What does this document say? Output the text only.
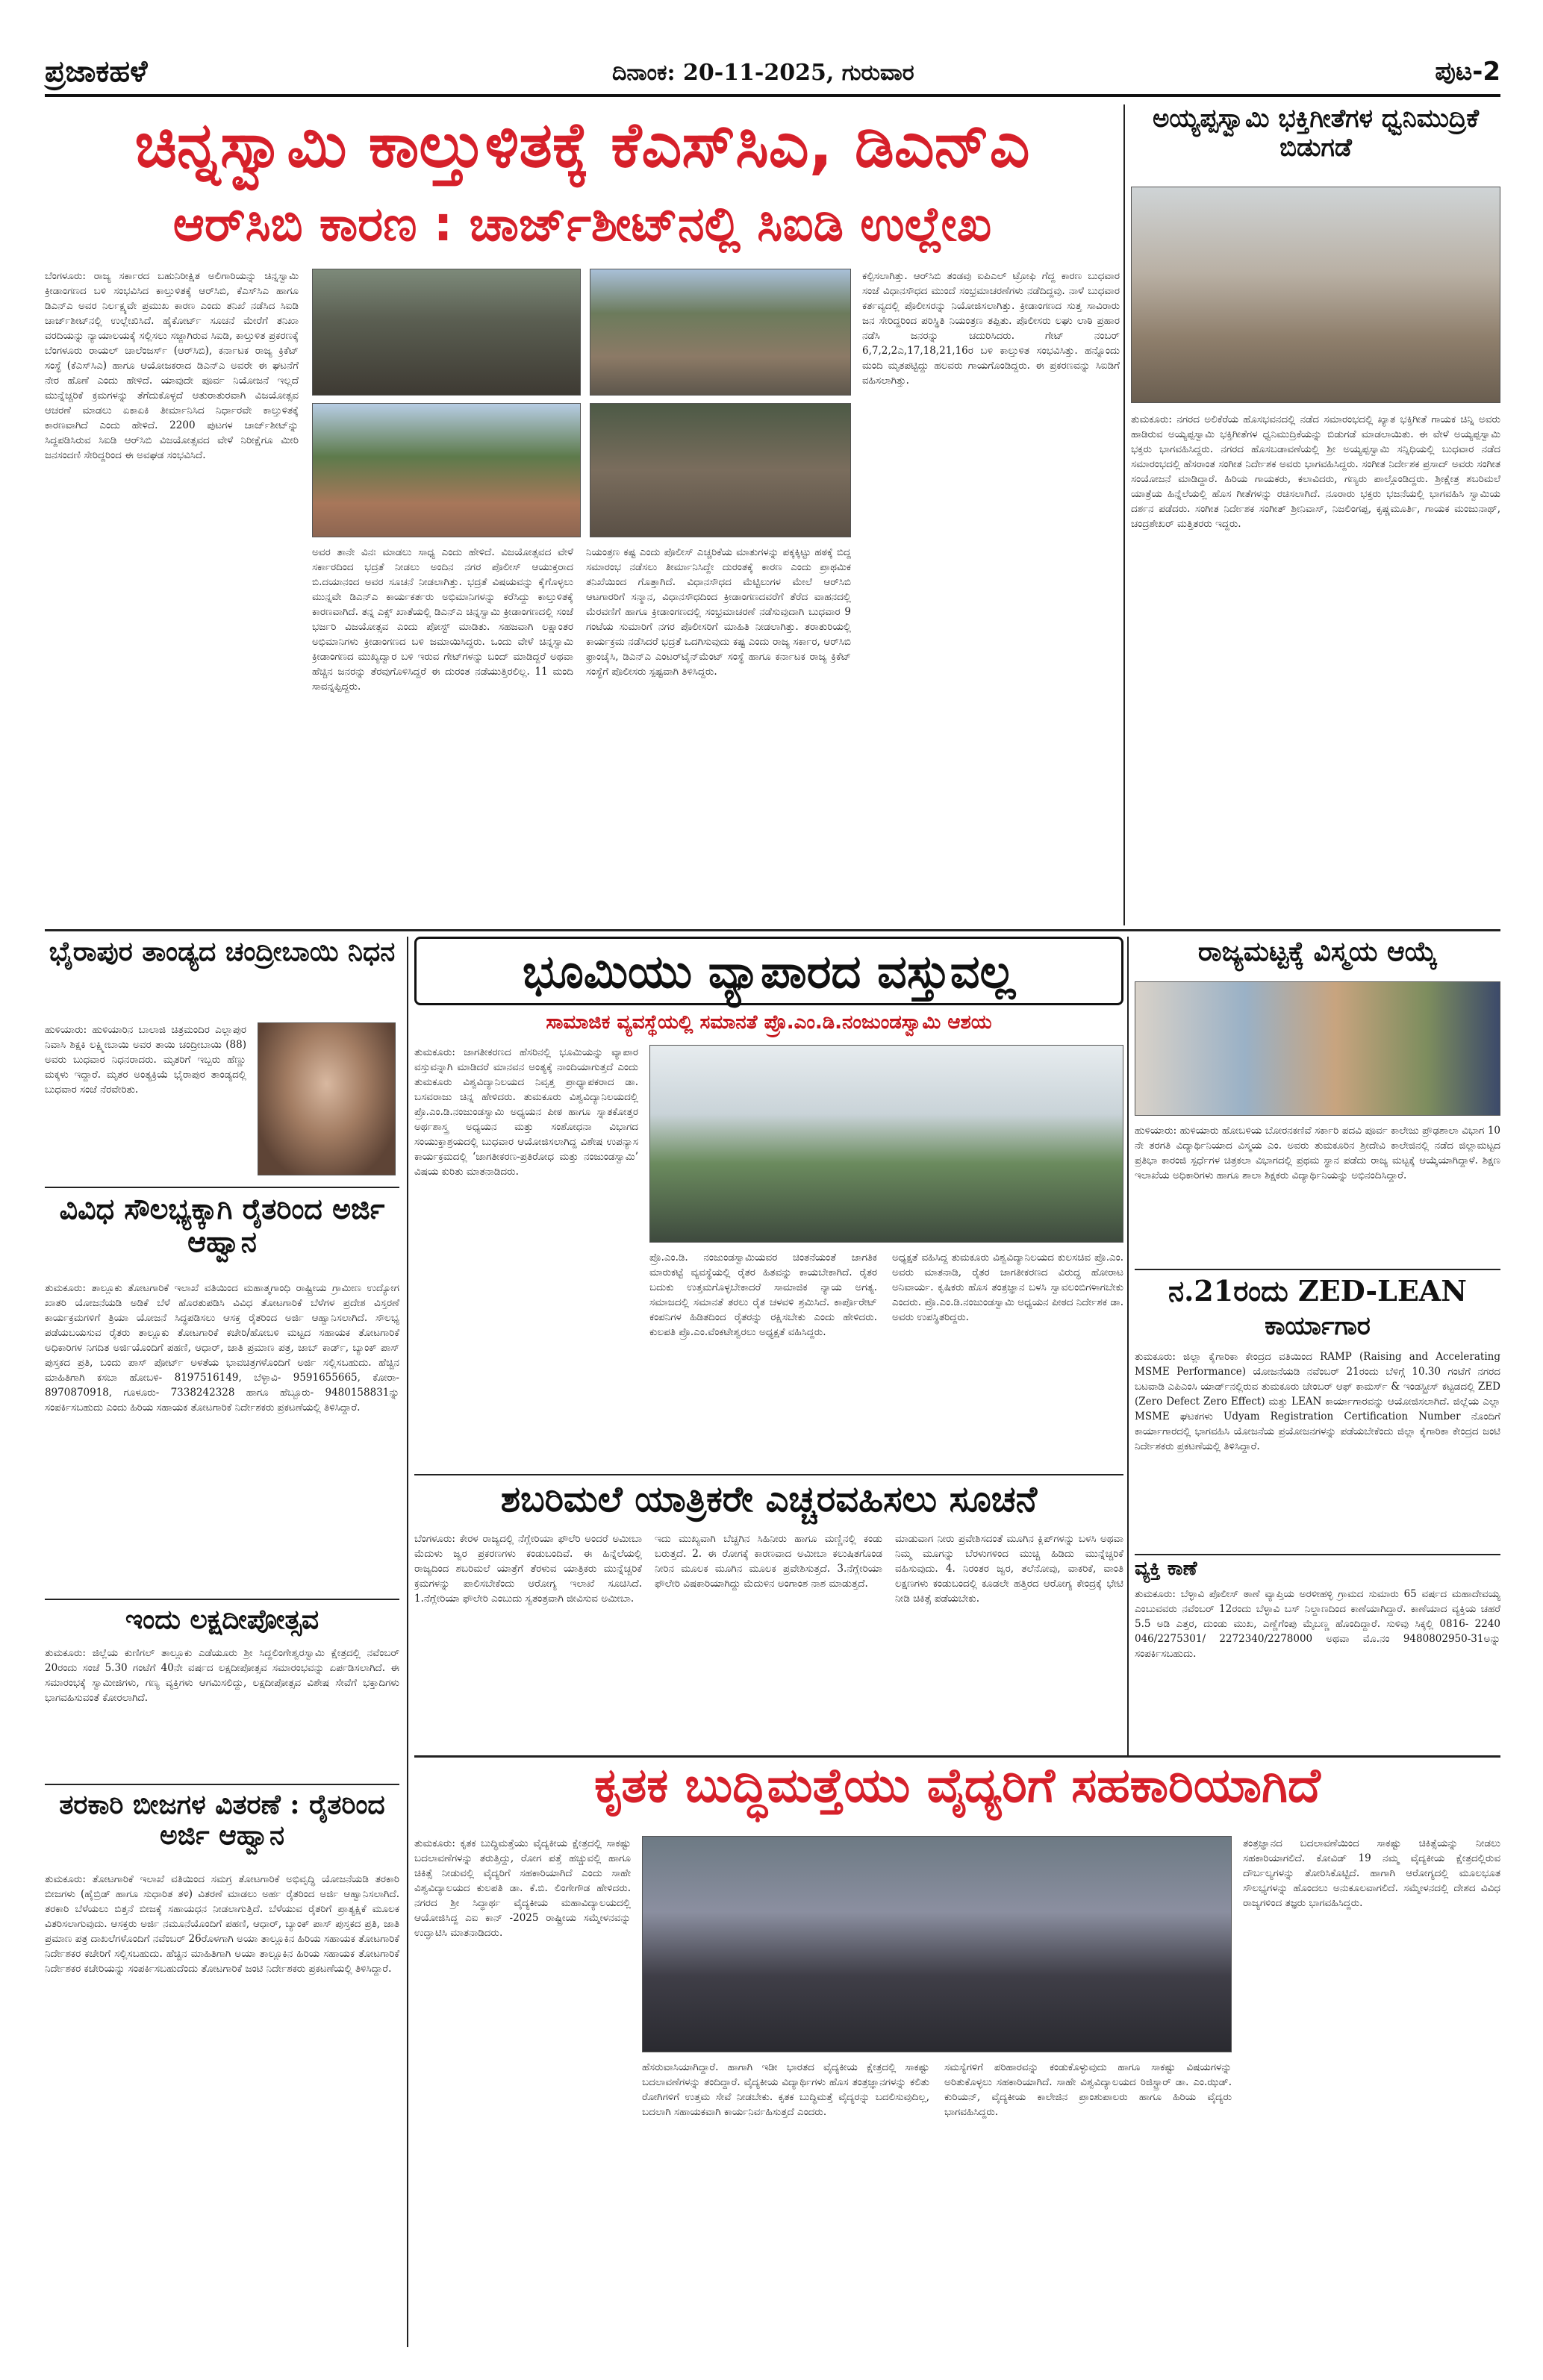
ಪ್ರಜಾಕಹಳೆ	ದಿನಾಂಕ: 20-11-2025, ಗುರುವಾರ	ಪುಟ-2
ಚಿನ್ನಸ್ವಾಮಿ ಕಾಲ್ತುಳಿತಕ್ಕೆ ಕೆಎಸ್‌ಸಿಎ, ಡಿಎನ್‌ಎ
ಆರ್‌ಸಿಬಿ ಕಾರಣ : ಚಾರ್ಜ್‌ಶೀಟ್‌ನಲ್ಲಿ ಸಿಐಡಿ ಉಲ್ಲೇಖ
ಬೆಂಗಳೂರು: ರಾಜ್ಯ ಸರ್ಕಾರದ ಬಹುನಿರೀಕ್ಷಿತ ಅಲಿಗಾರಿಯನ್ನು ಚಿನ್ನಸ್ವಾಮಿ ಕ್ರೀಡಾಂಗಣದ ಬಳಿ ಸಂಭವಿಸಿದ ಕಾಲ್ತುಳಿತಕ್ಕೆ ಆರ್‌ಸಿಬಿ, ಕೆಎಸ್‌ಸಿಎ ಹಾಗೂ ಡಿಎನ್‌ಎ ಅವರ ನಿರ್ಲಕ್ಷ್ಯವೇ ಪ್ರಮುಖ ಕಾರಣ ಎಂದು ತನಿಖೆ ನಡೆಸಿದ ಸಿಐಡಿ ಚಾರ್ಜ್‌ಶೀಟ್‌ನಲ್ಲಿ ಉಲ್ಲೇಖಿಸಿದೆ. ಹೈಕೋರ್ಟ್ ಸೂಚನೆ ಮೇರೆಗೆ ತನಿಖಾ ವರದಿಯನ್ನು ನ್ಯಾಯಾಲಯಕ್ಕೆ ಸಲ್ಲಿಸಲು ಸಜ್ಜಾಗಿರುವ ಸಿಐಡಿ, ಕಾಲ್ತುಳಿತ ಪ್ರಕರಣಕ್ಕೆ ಬೆಂಗಳೂರು ರಾಯಲ್ ಚಾಲೆಂಜರ್ಸ್ (ಆರ್‌ಸಿಬಿ), ಕರ್ನಾಟಕ ರಾಜ್ಯ ಕ್ರಿಕೆಟ್ ಸಂಸ್ಥೆ (ಕೆಎಸ್‌ಸಿಎ) ಹಾಗೂ ಆಯೋಜಕರಾದ ಡಿಎನ್‌ಎ ಅವರೇ ಈ ಘಟನೆಗೆ ನೇರ ಹೊಣೆ ಎಂದು ಹೇಳಿದೆ. ಯಾವುದೇ ಪೂರ್ವ ನಿಯೋಜನೆ ಇಲ್ಲದೆ ಮುನ್ನೆಚ್ಚರಿಕೆ ಕ್ರಮಗಳನ್ನು ತೆಗೆದುಕೊಳ್ಳದೆ ಆತುರಾತುರವಾಗಿ ವಿಜಯೋತ್ಸವ ಆಚರಣೆ ಮಾಡಲು ಏಕಾಏಕಿ ತೀರ್ಮಾನಿಸಿದ ನಿರ್ಧಾರವೇ ಕಾಲ್ತುಳಿತಕ್ಕೆ ಕಾರಣವಾಗಿದೆ ಎಂದು ಹೇಳಿದೆ. 2200 ಪುಟಗಳ ಚಾರ್ಜ್‌ಶೀಟ್‌ನ್ನು ಸಿದ್ದಪಡಿಸಿರುವ ಸಿಐಡಿ ಆರ್‌ಸಿಬಿ ವಿಜಯೋತ್ಸವದ ವೇಳೆ ನಿರೀಕ್ಷೆಗೂ ಮೀರಿ ಜನಸಂದಣಿ ಸೇರಿದ್ದರಿಂದ ಈ ಅವಘಡ ಸಂಭವಿಸಿದೆ.
ಅವರ ತಾನೇ ವಿನಃ ಮಾಡಲು ಸಾಧ್ಯ ಎಂದು ಹೇಳಿದೆ. ವಿಜಯೋತ್ಸವದ ವೇಳೆ ಸರ್ಕಾರದಿಂದ ಭದ್ರತೆ ನೀಡಲು ಅಂದಿನ ನಗರ ಪೊಲೀಸ್ ಆಯುಕ್ತರಾದ ಬಿ.ದಯಾನಂದ ಅವರ ಸೂಚನೆ ನೀಡಲಾಗಿತ್ತು. ಭದ್ರತೆ ವಿಷಯವನ್ನು ಕೈಗೊಳ್ಳಲು ಮುನ್ನವೇ ಡಿಎನ್‌ಎ ಕಾರ್ಯಕರ್ತರು ಅಭಿಮಾನಿಗಳನ್ನು ಕರೆಸಿದ್ದು ಕಾಲ್ತುಳಿತಕ್ಕೆ ಕಾರಣವಾಗಿದೆ. ತನ್ನ ಎಕ್ಸ್ ಖಾತೆಯಲ್ಲಿ ಡಿಎನ್‌ಎ ಚಿನ್ನಸ್ವಾಮಿ ಕ್ರೀಡಾಂಗಣದಲ್ಲಿ ಸಂಜೆ ಭರ್ಜರಿ ವಿಜಯೋತ್ಸವ ಎಂದು ಪೋಸ್ಟ್ ಮಾಡಿತು. ಸಹಜವಾಗಿ ಲಕ್ಷಾಂತರ ಅಭಿಮಾನಿಗಳು ಕ್ರೀಡಾಂಗಣದ ಬಳಿ ಜಮಾಯಿಸಿದ್ದರು. ಒಂದು ವೇಳೆ ಚಿನ್ನಸ್ವಾಮಿ ಕ್ರೀಡಾಂಗಣದ ಮುಖ್ಯದ್ವಾರ ಬಳಿ ಇರುವ ಗೇಟ್‌ಗಳನ್ನು ಬಂದ್ ಮಾಡಿದ್ದರೆ ಅಥವಾ ಹೆಚ್ಚಿನ ಜನರನ್ನು ತೆರವುಗೊಳಿಸಿದ್ದರೆ ಈ ದುರಂತ ನಡೆಯುತ್ತಿರಲಿಲ್ಲ. 11 ಮಂದಿ ಸಾವನ್ನಪ್ಪಿದ್ದರು.
ನಿಯಂತ್ರಣ ಕಷ್ಟ ಎಂದು ಪೊಲೀಸ್ ಎಚ್ಚರಿಕೆಯ ಮಾತುಗಳನ್ನು ಪಕ್ಕಕ್ಕಿಟ್ಟು ಹಠಕ್ಕೆ ಬಿದ್ದ ಸಮಾರಂಭ ನಡೆಸಲು ತೀರ್ಮಾನಿಸಿದ್ದೇ ದುರಂತಕ್ಕೆ ಕಾರಣ ಎಂದು ಪ್ರಾಥಮಿಕ ತನಿಖೆಯಿಂದ ಗೊತ್ತಾಗಿದೆ. ವಿಧಾನಸೌಧದ ಮೆಟ್ಟಿಲುಗಳ ಮೇಲೆ ಆರ್‌ಸಿಬಿ ಆಟಗಾರರಿಗೆ ಸನ್ಮಾನ, ವಿಧಾನಸೌಧದಿಂದ ಕ್ರೀಡಾಂಗಣದವರೆಗೆ ತೆರೆದ ವಾಹನದಲ್ಲಿ ಮೆರವಣಿಗೆ ಹಾಗೂ ಕ್ರೀಡಾಂಗಣದಲ್ಲಿ ಸಂಭ್ರಮಾಚರಣೆ ನಡೆಸುವುದಾಗಿ ಬುಧವಾರ 9 ಗಂಟೆಯ ಸುಮಾರಿಗೆ ನಗರ ಪೊಲೀಸರಿಗೆ ಮಾಹಿತಿ ನೀಡಲಾಗಿತ್ತು. ತರಾತುರಿಯಲ್ಲಿ ಕಾರ್ಯಕ್ರಮ ನಡೆಸಿದರೆ ಭದ್ರತೆ ಒದಗಿಸುವುದು ಕಷ್ಟ ಎಂದು ರಾಜ್ಯ ಸರ್ಕಾರ, ಆರ್‌ಸಿಬಿ ಫ್ರಾಂಚೈಸಿ, ಡಿಎನ್‌ಎ ಎಂಟರ್‌ಟೈನ್‌ಮೆಂಟ್ ಸಂಸ್ಥೆ ಹಾಗೂ ಕರ್ನಾಟಕ ರಾಜ್ಯ ಕ್ರಿಕೆಟ್ ಸಂಸ್ಥೆಗೆ ಪೊಲೀಸರು ಸ್ಪಷ್ಟವಾಗಿ ತಿಳಿಸಿದ್ದರು.
ಕಲ್ಪಿಸಲಾಗಿತ್ತು. ಆರ್‌ಸಿಬಿ ತಂಡವು ಐಪಿಎಲ್ ಟ್ರೋಫಿ ಗೆದ್ದ ಕಾರಣ ಬುಧವಾರ ಸಂಜೆ ವಿಧಾನಸೌಧದ ಮುಂದೆ ಸಂಭ್ರಮಾಚರಣೆಗಳು ನಡೆದಿದ್ದವು. ನಾಳೆ ಬುಧವಾರ ಕರ್ತವ್ಯದಲ್ಲಿ ಪೊಲೀಸರನ್ನು ನಿಯೋಜಿಸಲಾಗಿತ್ತು. ಕ್ರೀಡಾಂಗಣದ ಸುತ್ತ ಸಾವಿರಾರು ಜನ ಸೇರಿದ್ದರಿಂದ ಪರಿಸ್ಥಿತಿ ನಿಯಂತ್ರಣ ತಪ್ಪಿತು. ಪೊಲೀಸರು ಲಘು ಲಾಠಿ ಪ್ರಹಾರ ನಡೆಸಿ ಜನರನ್ನು ಚದುರಿಸಿದರು. ಗೇಟ್ ನಂಬರ್ 6,7,2,2ಎ,17,18,21,16ರ ಬಳಿ ಕಾಲ್ತುಳಿತ ಸಂಭವಿಸಿತ್ತು. ಹನ್ನೊಂದು ಮಂದಿ ಮೃತಪಟ್ಟಿದ್ದು ಹಲವರು ಗಾಯಗೊಂಡಿದ್ದರು. ಈ ಪ್ರಕರಣವನ್ನು ಸಿಐಡಿಗೆ ವಹಿಸಲಾಗಿತ್ತು.
ಅಯ್ಯಪ್ಪಸ್ವಾಮಿ ಭಕ್ತಿಗೀತೆಗಳ ಧ್ವನಿಮುದ್ರಿಕೆ ಬಿಡುಗಡೆ
ತುಮಕೂರು: ನಗರದ ಅಲಿಕೆರೆಯ ಹೊಸಭವನದಲ್ಲಿ ನಡೆದ ಸಮಾರಂಭದಲ್ಲಿ ಖ್ಯಾತ ಭಕ್ತಿಗೀತೆ ಗಾಯಕ ಚಿನ್ನಿ ಅವರು ಹಾಡಿರುವ ಅಯ್ಯಪ್ಪಸ್ವಾಮಿ ಭಕ್ತಿಗೀತೆಗಳ ಧ್ವನಿಮುದ್ರಿಕೆಯನ್ನು ಬಿಡುಗಡೆ ಮಾಡಲಾಯಿತು. ಈ ವೇಳೆ ಅಯ್ಯಪ್ಪಸ್ವಾಮಿ ಭಕ್ತರು ಭಾಗವಹಿಸಿದ್ದರು. ನಗರದ ಹೊಸಬಡಾವಣೆಯಲ್ಲಿ ಶ್ರೀ ಅಯ್ಯಪ್ಪಸ್ವಾಮಿ ಸನ್ನಿಧಿಯಲ್ಲಿ ಬುಧವಾರ ನಡೆದ ಸಮಾರಂಭದಲ್ಲಿ ಹೆಸರಾಂತ ಸಂಗೀತ ನಿರ್ದೇಶಕ ಅವರು ಭಾಗವಹಿಸಿದ್ದರು. ಸಂಗೀತ ನಿರ್ದೇಶಕ ಪ್ರಸಾದ್ ಅವರು ಸಂಗೀತ ಸಂಯೋಜನೆ ಮಾಡಿದ್ದಾರೆ. ಹಿರಿಯ ಗಾಯಕರು, ಕಲಾವಿದರು, ಗಣ್ಯರು ಪಾಲ್ಗೊಂಡಿದ್ದರು. ಶ್ರೀಕ್ಷೇತ್ರ ಶಬರಿಮಲೆ ಯಾತ್ರೆಯ ಹಿನ್ನೆಲೆಯಲ್ಲಿ ಹೊಸ ಗೀತೆಗಳನ್ನು ರಚಿಸಲಾಗಿದೆ. ನೂರಾರು ಭಕ್ತರು ಭಜನೆಯಲ್ಲಿ ಭಾಗವಹಿಸಿ ಸ್ವಾಮಿಯ ದರ್ಶನ ಪಡೆದರು. ಸಂಗೀತ ನಿರ್ದೇಶಕ ಸಂಗೀತ್ ಶ್ರೀನಿವಾಸ್, ನಿಜಲಿಂಗಪ್ಪ, ಕೃಷ್ಣಮೂರ್ತಿ, ಗಾಯಕ ಮಂಜುನಾಥ್, ಚಂದ್ರಶೇಖರ್ ಮತ್ತಿತರರು ಇದ್ದರು.
ಭೈರಾಪುರ ತಾಂಡ್ಯದ ಚಂದ್ರೀಬಾಯಿ ನಿಧನ
ಹುಳಿಯಾರು: ಹುಳಿಯಾರಿನ ಬಾಲಾಜಿ ಚಿತ್ರಮಂದಿರ ಎಲ್ಲಾಪುರ ನಿವಾಸಿ ಶಿಕ್ಷಕಿ ಲಕ್ಷ್ಮೀಬಾಯಿ ಅವರ ತಾಯಿ ಚಂದ್ರೀಬಾಯಿ (88) ಅವರು ಬುಧವಾರ ನಿಧನರಾದರು. ಮೃತರಿಗೆ ಇಬ್ಬರು ಹೆಣ್ಣು ಮಕ್ಕಳು ಇದ್ದಾರೆ. ಮೃತರ ಅಂತ್ಯಕ್ರಿಯೆ ಭೈರಾಪುರ ತಾಂಡ್ಯದಲ್ಲಿ ಬುಧವಾರ ಸಂಜೆ ನೆರವೇರಿತು.
ವಿವಿಧ ಸೌಲಭ್ಯಕ್ಕಾಗಿ ರೈತರಿಂದ ಅರ್ಜಿ ಆಹ್ವಾನ
ತುಮಕೂರು: ತಾಲ್ಲೂಕು ತೋಟಗಾರಿಕೆ ಇಲಾಖೆ ವತಿಯಿಂದ ಮಹಾತ್ಮಗಾಂಧಿ ರಾಷ್ಟ್ರೀಯ ಗ್ರಾಮೀಣ ಉದ್ಯೋಗ ಖಾತರಿ ಯೋಜನೆಯಡಿ ಅಡಿಕೆ ಬೆಳೆ ಹೊರತುಪಡಿಸಿ ವಿವಿಧ ತೋಟಗಾರಿಕೆ ಬೆಳೆಗಳ ಪ್ರದೇಶ ವಿಸ್ತರಣೆ ಕಾರ್ಯಕ್ರಮಗಳಿಗೆ ತ್ರಿಯಾ ಯೋಜನೆ ಸಿದ್ಧಪಡಿಸಲು ಆಸಕ್ತ ರೈತರಿಂದ ಅರ್ಜಿ ಆಹ್ವಾನಿಸಲಾಗಿದೆ. ಸೌಲಭ್ಯ ಪಡೆಯಬಯಸುವ ರೈತರು ತಾಲ್ಲೂಕು ತೋಟಗಾರಿಕೆ ಕಚೇರಿ/ಹೋಬಳಿ ಮಟ್ಟದ ಸಹಾಯಕ ತೋಟಗಾರಿಕೆ ಅಧಿಕಾರಿಗಳ ನಿಗದಿತ ಅರ್ಜಿಯೊಂದಿಗೆ ಪಹಣಿ, ಆಧಾರ್, ಜಾತಿ ಪ್ರಮಾಣ ಪತ್ರ, ಜಾಬ್ ಕಾರ್ಡ್, ಬ್ಯಾಂಕ್ ಪಾಸ್ ಪುಸ್ತಕದ ಪ್ರತಿ, ಬಂದು ಪಾಸ್ ಪೋರ್ಟ್ ಅಳತೆಯ ಭಾವಚಿತ್ರಗಳೊಂದಿಗೆ ಅರ್ಜಿ ಸಲ್ಲಿಸಬಹುದು. ಹೆಚ್ಚಿನ ಮಾಹಿತಿಗಾಗಿ ಕಸಬಾ ಹೋಬಳಿ- 8197516149, ಬೆಳ್ಳಾವಿ- 9591655665, ಕೋರಾ- 8970870918, ಗೂಳೂರು- 7338242328 ಹಾಗೂ ಹೆಬ್ಬೂರು- 9480158831ನ್ನು ಸಂಪರ್ಕಿಸಬಹುದು ಎಂದು ಹಿರಿಯ ಸಹಾಯಕ ತೋಟಗಾರಿಕೆ ನಿರ್ದೇಶಕರು ಪ್ರಕಟಣೆಯಲ್ಲಿ ತಿಳಿಸಿದ್ದಾರೆ.
ಇಂದು ಲಕ್ಷದೀಪೋತ್ಸವ
ತುಮಕೂರು: ಜಿಲ್ಲೆಯ ಕುಣಿಗಲ್ ತಾಲ್ಲೂಕು ಎಡೆಯೂರು ಶ್ರೀ ಸಿದ್ದಲಿಂಗೇಶ್ವರಸ್ವಾಮಿ ಕ್ಷೇತ್ರದಲ್ಲಿ ನವೆಂಬರ್ 20ರಂದು ಸಂಜೆ 5.30 ಗಂಟೆಗೆ 40ನೇ ವರ್ಷದ ಲಕ್ಷದೀಪೋತ್ಸವ ಸಮಾರಂಭವನ್ನು ಏರ್ಪಡಿಸಲಾಗಿದೆ. ಈ ಸಮಾರಂಭಕ್ಕೆ ಸ್ವಾಮೀಜಿಗಳು, ಗಣ್ಯ ವ್ಯಕ್ತಿಗಳು ಆಗಮಿಸಲಿದ್ದು, ಲಕ್ಷದೀಪೋತ್ಸವ ವಿಶೇಷ ಸೇವೆಗೆ ಭಕ್ತಾದಿಗಳು ಭಾಗವಹಿಸುವಂತೆ ಕೋರಲಾಗಿದೆ.
ತರಕಾರಿ ಬೀಜಗಳ ವಿತರಣೆ : ರೈತರಿಂದ ಅರ್ಜಿ ಆಹ್ವಾನ
ತುಮಕೂರು: ತೋಟಗಾರಿಕೆ ಇಲಾಖೆ ವತಿಯಿಂದ ಸಮಗ್ರ ತೋಟಗಾರಿಕೆ ಅಭಿವೃದ್ಧಿ ಯೋಜನೆಯಡಿ ತರಕಾರಿ ಬೀಜಗಳು (ಹೈಬ್ರಿಡ್ ಹಾಗೂ ಸುಧಾರಿತ ತಳಿ) ವಿತರಣೆ ಮಾಡಲು ಅರ್ಹ ರೈತರಿಂದ ಅರ್ಜಿ ಆಹ್ವಾನಿಸಲಾಗಿದೆ. ತರಕಾರಿ ಬೆಳೆಯಲು ಬಿತ್ತನೆ ಬೀಜಕ್ಕೆ ಸಹಾಯಧನ ನೀಡಲಾಗುತ್ತಿದೆ. ಬೆಳೆಯುವ ರೈತರಿಗೆ ಪ್ರಾತ್ಯಕ್ಷಿಕೆ ಮೂಲಕ ವಿತರಿಸಲಾಗುವುದು. ಆಸಕ್ತರು ಅರ್ಜಿ ನಮೂನೆಯೊಂದಿಗೆ ಪಹಣಿ, ಆಧಾರ್, ಬ್ಯಾಂಕ್ ಪಾಸ್ ಪುಸ್ತಕದ ಪ್ರತಿ, ಜಾತಿ ಪ್ರಮಾಣ ಪತ್ರ ದಾಖಲೆಗಳೊಂದಿಗೆ ನವೆಂಬರ್ 26ರೊಳಗಾಗಿ ಅಯಾ ತಾಲ್ಲೂಕಿನ ಹಿರಿಯ ಸಹಾಯಕ ತೋಟಗಾರಿಕೆ ನಿರ್ದೇಶಕರ ಕಚೇರಿಗೆ ಸಲ್ಲಿಸಬಹುದು. ಹೆಚ್ಚಿನ ಮಾಹಿತಿಗಾಗಿ ಅಯಾ ತಾಲ್ಲೂಕಿನ ಹಿರಿಯ ಸಹಾಯಕ ತೋಟಗಾರಿಕೆ ನಿರ್ದೇಶಕರ ಕಚೇರಿಯನ್ನು ಸಂಪರ್ಕಿಸಬಹುದೆಂದು ತೋಟಗಾರಿಕೆ ಜಂಟಿ ನಿರ್ದೇಶಕರು ಪ್ರಕಟಣೆಯಲ್ಲಿ ತಿಳಿಸಿದ್ದಾರೆ.
ಭೂಮಿಯು ವ್ಯಾಪಾರದ ವಸ್ತುವಲ್ಲ
ಸಾಮಾಜಿಕ ವ್ಯವಸ್ಥೆಯಲ್ಲಿ ಸಮಾನತೆ ಪ್ರೊ.ಎಂ.ಡಿ.ನಂಜುಂಡಸ್ವಾಮಿ ಆಶಯ
ತುಮಕೂರು: ಜಾಗತೀಕರಣದ ಹೆಸರಿನಲ್ಲಿ ಭೂಮಿಯನ್ನು ವ್ಯಾಪಾರ ವಸ್ತುವನ್ನಾಗಿ ಮಾಡಿದರೆ ಮಾನವನ ಅಂತ್ಯಕ್ಕೆ ನಾಂದಿಯಾಗುತ್ತದೆ ಎಂದು ತುಮಕೂರು ವಿಶ್ವವಿದ್ಯಾನಿಲಯದ ನಿವೃತ್ತ ಪ್ರಾಧ್ಯಾಪಕರಾದ ಡಾ. ಬಸವರಾಜು ಚಿನ್ನ ಹೇಳಿದರು. ತುಮಕೂರು ವಿಶ್ವವಿದ್ಯಾನಿಲಯದಲ್ಲಿ ಪ್ರೊ.ಎಂ.ಡಿ.ನಂಜುಂಡಸ್ವಾಮಿ ಅಧ್ಯಯನ ಪೀಠ ಹಾಗೂ ಸ್ನಾತಕೋತ್ತರ ಅರ್ಥಶಾಸ್ತ್ರ ಅಧ್ಯಯನ ಮತ್ತು ಸಂಶೋಧನಾ ವಿಭಾಗದ ಸಂಯುಕ್ತಾಶ್ರಯದಲ್ಲಿ ಬುಧವಾರ ಆಯೋಜಿಸಲಾಗಿದ್ದ ವಿಶೇಷ ಉಪನ್ಯಾಸ ಕಾರ್ಯಕ್ರಮದಲ್ಲಿ ‘ಜಾಗತೀಕರಣ-ಪ್ರತಿರೋಧ ಮತ್ತು ನಂಜುಂಡಸ್ವಾಮಿ’ ವಿಷಯ ಕುರಿತು ಮಾತನಾಡಿದರು.
ಪ್ರೊ.ಎಂ.ಡಿ. ನಂಜುಂಡಸ್ವಾಮಿಯವರ ಚಿಂತನೆಯಂತೆ ಜಾಗತಿಕ ಮಾರುಕಟ್ಟೆ ವ್ಯವಸ್ಥೆಯಲ್ಲಿ ರೈತರ ಹಿತವನ್ನು ಕಾಯಬೇಕಾಗಿದೆ. ರೈತರ ಬದುಕು ಉತ್ತಮಗೊಳ್ಳಬೇಕಾದರೆ ಸಾಮಾಜಿಕ ನ್ಯಾಯ ಅಗತ್ಯ. ಸಮಾಜದಲ್ಲಿ ಸಮಾನತೆ ತರಲು ರೈತ ಚಳವಳಿ ಶ್ರಮಿಸಿದೆ. ಕಾರ್ಪೊರೇಟ್ ಕಂಪನಿಗಳ ಹಿಡಿತದಿಂದ ರೈತರನ್ನು ರಕ್ಷಿಸಬೇಕು ಎಂದು ಹೇಳಿದರು. ಕುಲಪತಿ ಪ್ರೊ.ಎಂ.ವೆಂಕಟೇಶ್ವರಲು ಅಧ್ಯಕ್ಷತೆ ವಹಿಸಿದ್ದರು.
ಅಧ್ಯಕ್ಷತೆ ವಹಿಸಿದ್ದ ತುಮಕೂರು ವಿಶ್ವವಿದ್ಯಾನಿಲಯದ ಕುಲಸಚಿವ ಪ್ರೊ.ಎಂ. ಅವರು ಮಾತನಾಡಿ, ರೈತರ ಜಾಗತೀಕರಣದ ವಿರುದ್ಧ ಹೋರಾಟ ಅನಿವಾರ್ಯ. ಕೃಷಿಕರು ಹೊಸ ತಂತ್ರಜ್ಞಾನ ಬಳಸಿ ಸ್ವಾವಲಂಬಿಗಳಾಗಬೇಕು ಎಂದರು. ಪ್ರೊ.ಎಂ.ಡಿ.ನಂಜುಂಡಸ್ವಾಮಿ ಅಧ್ಯಯನ ಪೀಠದ ನಿರ್ದೇಶಕ ಡಾ. ಅವರು ಉಪಸ್ಥಿತರಿದ್ದರು.
ಶಬರಿಮಲೆ ಯಾತ್ರಿಕರೇ ಎಚ್ಚರವಹಿಸಲು ಸೂಚನೆ
ಬೆಂಗಳೂರು: ಕೇರಳ ರಾಜ್ಯದಲ್ಲಿ ನೆಗ್ಲೇರಿಯಾ ಫೌಲೆರಿ ಅಂದರೆ ಅಮೀಬಾ ಮೆದುಳು ಜ್ವರ ಪ್ರಕರಣಗಳು ಕಂಡುಬಂದಿವೆ. ಈ ಹಿನ್ನೆಲೆಯಲ್ಲಿ ರಾಜ್ಯದಿಂದ ಶಬರಿಮಲೆ ಯಾತ್ರೆಗೆ ತೆರಳುವ ಯಾತ್ರಿಕರು ಮುನ್ನೆಚ್ಚರಿಕೆ ಕ್ರಮಗಳನ್ನು ಪಾಲಿಸಬೇಕೆಂದು ಆರೋಗ್ಯ ಇಲಾಖೆ ಸೂಚಿಸಿದೆ. 1.ನೆಗ್ಲೇರಿಯಾ ಫೌಲೇರಿ ಎಂಬುದು ಸ್ವತಂತ್ರವಾಗಿ ಜೀವಿಸುವ ಅಮೀಬಾ.
ಇದು ಮುಖ್ಯವಾಗಿ ಬೆಚ್ಚಗಿನ ಸಿಹಿನೀರು ಹಾಗೂ ಮಣ್ಣಿನಲ್ಲಿ ಕಂಡು ಬರುತ್ತದೆ. 2. ಈ ರೋಗಕ್ಕೆ ಕಾರಣವಾದ ಅಮೀಬಾ ಕಲುಷಿತಗೊಂಡ ನೀರಿನ ಮೂಲಕ ಮೂಗಿನ ಮೂಲಕ ಪ್ರವೇಶಿಸುತ್ತದೆ. 3.ನೆಗ್ಲೇರಿಯಾ ಫೌಲೇರಿ ವಿಷಕಾರಿಯಾಗಿದ್ದು ಮೆದುಳಿನ ಅಂಗಾಂಶ ನಾಶ ಮಾಡುತ್ತದೆ.
ಮಾಡುವಾಗ ನೀರು ಪ್ರವೇಶಿಸದಂತೆ ಮೂಗಿನ ಕ್ಲಿಪ್‌ಗಳನ್ನು ಬಳಸಿ ಅಥವಾ ನಿಮ್ಮ ಮೂಗನ್ನು ಬೆರಳುಗಳಿಂದ ಮುಚ್ಚಿ ಹಿಡಿದು ಮುನ್ನೆಚ್ಚರಿಕೆ ವಹಿಸುವುದು. 4. ನಿರಂತರ ಜ್ವರ, ತಲೆನೋವು, ವಾಕರಿಕೆ, ವಾಂತಿ ಲಕ್ಷಣಗಳು ಕಂಡುಬಂದಲ್ಲಿ ಕೂಡಲೇ ಹತ್ತಿರದ ಆರೋಗ್ಯ ಕೇಂದ್ರಕ್ಕೆ ಭೇಟಿ ನೀಡಿ ಚಿಕಿತ್ಸೆ ಪಡೆಯಬೇಕು.
ರಾಜ್ಯಮಟ್ಟಕ್ಕೆ ವಿಸ್ಮಯ ಆಯ್ಕೆ
ಹುಳಿಯಾರು: ಹುಳಿಯಾರು ಹೋಬಳಿಯ ಬೋರನಕಣಿವೆ ಸರ್ಕಾರಿ ಪದವಿ ಪೂರ್ವ ಕಾಲೇಜು ಪ್ರೌಢಶಾಲಾ ವಿಭಾಗ 10 ನೇ ತರಗತಿ ವಿದ್ಯಾರ್ಥಿನಿಯಾದ ವಿಸ್ಮಯ ಎಂ. ಅವರು ತುಮಕೂರಿನ ಶ್ರೀದೇವಿ ಕಾಲೇಜಿನಲ್ಲಿ ನಡೆದ ಜಿಲ್ಲಾಮಟ್ಟದ ಪ್ರತಿಭಾ ಕಾರಂಜಿ ಸ್ಪರ್ಧೆಗಳ ಚಿತ್ರಕಲಾ ವಿಭಾಗದಲ್ಲಿ ಪ್ರಥಮ ಸ್ಥಾನ ಪಡೆದು ರಾಜ್ಯ ಮಟ್ಟಕ್ಕೆ ಆಯ್ಕೆಯಾಗಿದ್ದಾಳೆ. ಶಿಕ್ಷಣ ಇಲಾಖೆಯ ಅಧಿಕಾರಿಗಳು ಹಾಗೂ ಶಾಲಾ ಶಿಕ್ಷಕರು ವಿದ್ಯಾರ್ಥಿನಿಯನ್ನು ಅಭಿನಂದಿಸಿದ್ದಾರೆ.
ನ.21ರಂದು ZED-LEAN
ಕಾರ್ಯಾಗಾರ
ತುಮಕೂರು: ಜಿಲ್ಲಾ ಕೈಗಾರಿಕಾ ಕೇಂದ್ರದ ವತಿಯಿಂದ RAMP (Raising and Accelerating MSME Performance) ಯೋಜನೆಯಡಿ ನವೆಂಬರ್ 21ರಂದು ಬೆಳಿಗ್ಗೆ 10.30 ಗಂಟೆಗೆ ನಗರದ ಬಟವಾಡಿ ಎಪಿಎಂಸಿ ಯಾರ್ಡ್‌ನಲ್ಲಿರುವ ತುಮಕೂರು ಚೇಂಬರ್ ಆಫ್ ಕಾಮರ್ಸ್ & ಇಂಡಸ್ಟ್ರೀಸ್ ಕಟ್ಟಡದಲ್ಲಿ ZED (Zero Defect Zero Effect) ಮತ್ತು LEAN ಕಾರ್ಯಾಗಾರವನ್ನು ಆಯೋಜಿಸಲಾಗಿದೆ. ಜಿಲ್ಲೆಯ ಎಲ್ಲಾ MSME ಘಟಕಗಳು Udyam Registration Certification Number ನೊಂದಿಗೆ ಕಾರ್ಯಾಗಾರದಲ್ಲಿ ಭಾಗವಹಿಸಿ ಯೋಜನೆಯ ಪ್ರಯೋಜನಗಳನ್ನು ಪಡೆಯಬೇಕೆಂದು ಜಿಲ್ಲಾ ಕೈಗಾರಿಕಾ ಕೇಂದ್ರದ ಜಂಟಿ ನಿರ್ದೇಶಕರು ಪ್ರಕಟಣೆಯಲ್ಲಿ ತಿಳಿಸಿದ್ದಾರೆ.
ವ್ಯಕ್ತಿ ಕಾಣೆ
ತುಮಕೂರು: ಬೆಳ್ಳಾವಿ ಪೊಲೀಸ್ ಠಾಣೆ ವ್ಯಾಪ್ತಿಯ ಅರಳೀಹಳ್ಳಿ ಗ್ರಾಮದ ಸುಮಾರು 65 ವರ್ಷದ ಮಹಾದೇವಯ್ಯ ಎಂಬುವವರು ನವೆಂಬರ್ 12ರಂದು ಬೆಳ್ಳಾವಿ ಬಸ್ ನಿಲ್ದಾಣದಿಂದ ಕಾಣೆಯಾಗಿದ್ದಾರೆ. ಕಾಣೆಯಾದ ವ್ಯಕ್ತಿಯ ಚಹರೆ 5.5 ಅಡಿ ಎತ್ತರ, ದುಂಡು ಮುಖ, ಎಣ್ಣೆಗೆಂಪು ಮೈಬಣ್ಣ ಹೊಂದಿದ್ದಾರೆ. ಸುಳಿವು ಸಿಕ್ಕಲ್ಲಿ 0816- 2240 046/2275301/ 2272340/2278000 ಅಥವಾ ಮೊ.ನಂ 9480802950-31ಅನ್ನು ಸಂಪರ್ಕಿಸಬಹುದು.
ಕೃತಕ ಬುದ್ಧಿಮತ್ತೆಯು ವೈದ್ಯರಿಗೆ ಸಹಕಾರಿಯಾಗಿದೆ
ತುಮಕೂರು: ಕೃತಕ ಬುದ್ಧಿಮತ್ತೆಯು ವೈದ್ಯಕೀಯ ಕ್ಷೇತ್ರದಲ್ಲಿ ಸಾಕಷ್ಟು ಬದಲಾವಣೆಗಳನ್ನು ತರುತ್ತಿದ್ದು, ರೋಗ ಪತ್ತೆ ಹಚ್ಚುವಲ್ಲಿ ಹಾಗೂ ಚಿಕಿತ್ಸೆ ನೀಡುವಲ್ಲಿ ವೈದ್ಯರಿಗೆ ಸಹಕಾರಿಯಾಗಿದೆ ಎಂದು ಸಾಹೇ ವಿಶ್ವವಿದ್ಯಾಲಯದ ಕುಲಪತಿ ಡಾ. ಕೆ.ಬಿ. ಲಿಂಗೇಗೌಡ ಹೇಳಿದರು. ನಗರದ ಶ್ರೀ ಸಿದ್ಧಾರ್ಥ ವೈದ್ಯಕೀಯ ಮಹಾವಿದ್ಯಾಲಯದಲ್ಲಿ ಆಯೋಜಿಸಿದ್ದ ಎಐ ಕಾನ್ -2025 ರಾಷ್ಟ್ರೀಯ ಸಮ್ಮೇಳನವನ್ನು ಉದ್ಘಾಟಿಸಿ ಮಾತನಾಡಿದರು.
ಹೆಸರುವಾಸಿಯಾಗಿದ್ದಾರೆ. ಹಾಗಾಗಿ ಇಡೀ ಭಾರತದ ವೈದ್ಯಕೀಯ ಕ್ಷೇತ್ರದಲ್ಲಿ ಸಾಕಷ್ಟು ಬದಲಾವಣೆಗಳನ್ನು ತಂದಿದ್ದಾರೆ. ವೈದ್ಯಕೀಯ ವಿದ್ಯಾರ್ಥಿಗಳು ಹೊಸ ತಂತ್ರಜ್ಞಾನಗಳನ್ನು ಕಲಿತು ರೋಗಿಗಳಿಗೆ ಉತ್ತಮ ಸೇವೆ ನೀಡಬೇಕು. ಕೃತಕ ಬುದ್ಧಿಮತ್ತೆ ವೈದ್ಯರನ್ನು ಬದಲಿಸುವುದಿಲ್ಲ, ಬದಲಾಗಿ ಸಹಾಯಕವಾಗಿ ಕಾರ್ಯನಿರ್ವಹಿಸುತ್ತದೆ ಎಂದರು.
ಸಮಸ್ಯೆಗಳಿಗೆ ಪರಿಹಾರವನ್ನು ಕಂಡುಕೊಳ್ಳುವುದು ಹಾಗೂ ಸಾಕಷ್ಟು ವಿಷಯಗಳನ್ನು ಅರಿತುಕೊಳ್ಳಲು ಸಹಕಾರಿಯಾಗಿದೆ. ಸಾಹೇ ವಿಶ್ವವಿದ್ಯಾಲಯದ ರಿಜಿಸ್ಟ್ರಾರ್ ಡಾ. ಎಂ.ಝಡ್. ಕುರಿಯನ್, ವೈದ್ಯಕೀಯ ಕಾಲೇಜಿನ ಪ್ರಾಂಶುಪಾಲರು ಹಾಗೂ ಹಿರಿಯ ವೈದ್ಯರು ಭಾಗವಹಿಸಿದ್ದರು.
ತಂತ್ರಜ್ಞಾನದ ಬದಲಾವಣೆಯಿಂದ ಸಾಕಷ್ಟು ಚಿಕಿತ್ಸೆಯನ್ನು ನೀಡಲು ಸಹಕಾರಿಯಾಗಲಿದೆ. ಕೋವಿಡ್ 19 ನಮ್ಮ ವೈದ್ಯಕೀಯ ಕ್ಷೇತ್ರದಲ್ಲಿರುವ ದೌರ್ಬಲ್ಯಗಳನ್ನು ತೋರಿಸಿಕೊಟ್ಟಿದೆ. ಹಾಗಾಗಿ ಆರೋಗ್ಯದಲ್ಲಿ ಮೂಲಭೂತ ಸೌಲಭ್ಯಗಳನ್ನು ಹೊಂದಲು ಅನುಕೂಲವಾಗಲಿದೆ. ಸಮ್ಮೇಳನದಲ್ಲಿ ದೇಶದ ವಿವಿಧ ರಾಜ್ಯಗಳಿಂದ ತಜ್ಞರು ಭಾಗವಹಿಸಿದ್ದರು.
